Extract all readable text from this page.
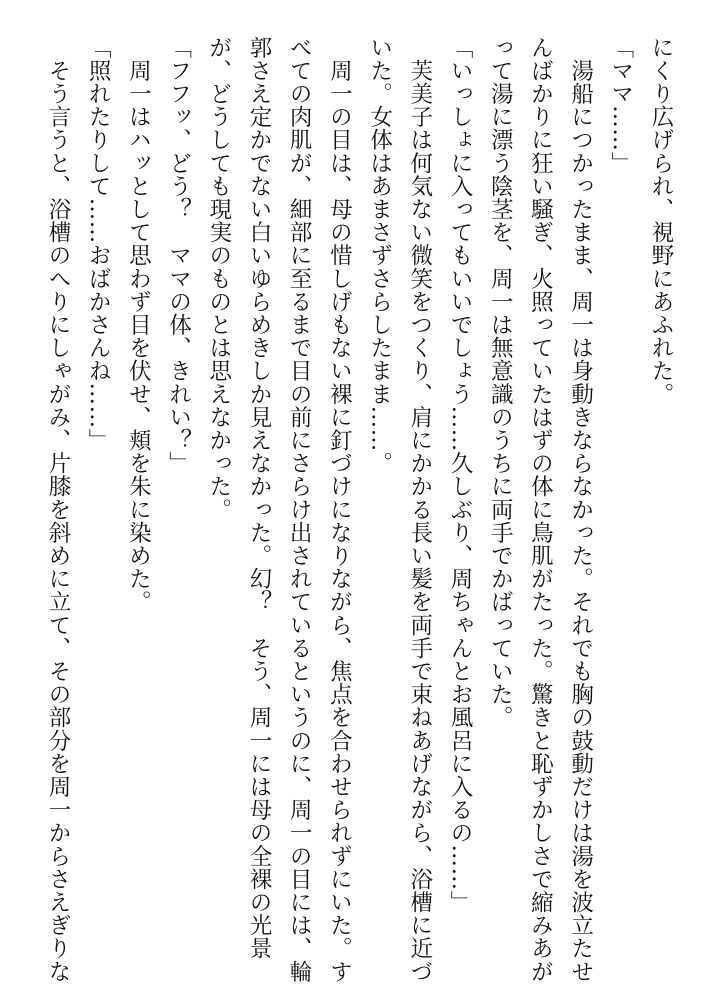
にくり広げられ、視野にあふれた。

「ママ……」

　湯船につかったまま、周一は身動きならなかった。それでも胸の鼓動だけは湯を波立たせ

んばかりに狂い騒ぎ、火照っていたはずの体に鳥肌がたった。驚きと恥ずかしさで縮みあが

って湯に漂う陰茎を、周一は無意識のうちに両手でかばっていた。

「いっしょに入ってもいいでしょう……久しぶり、周ちゃんとお風呂に入るの……」

　芙美子は何気ない微笑をつくり、肩にかかる長い髪を両手で束ねあげながら、浴槽に近づ

いた。女体はあまさずさらしたまま……。

　周一の目は、母の惜しげもない裸に釘づけになりながら、焦点を合わせられずにいた。す

べての肉肌が、細部に至るまで目の前にさらけ出されているというのに、周一の目には、輪

郭さえ定かでない白いゆらめきしか見えなかった。幻？　そう、周一には母の全裸の光景

が、どうしても現実のものとは思えなかった。

「フフッ、どう？　ママの体、きれい？」

　周一はハッとして思わず目を伏せ、頬を朱に染めた。

「照れたりして……おばかさんね……」

　そう言うと、浴槽のへりにしゃがみ、片膝を斜めに立て、その部分を周一からさえぎりな
